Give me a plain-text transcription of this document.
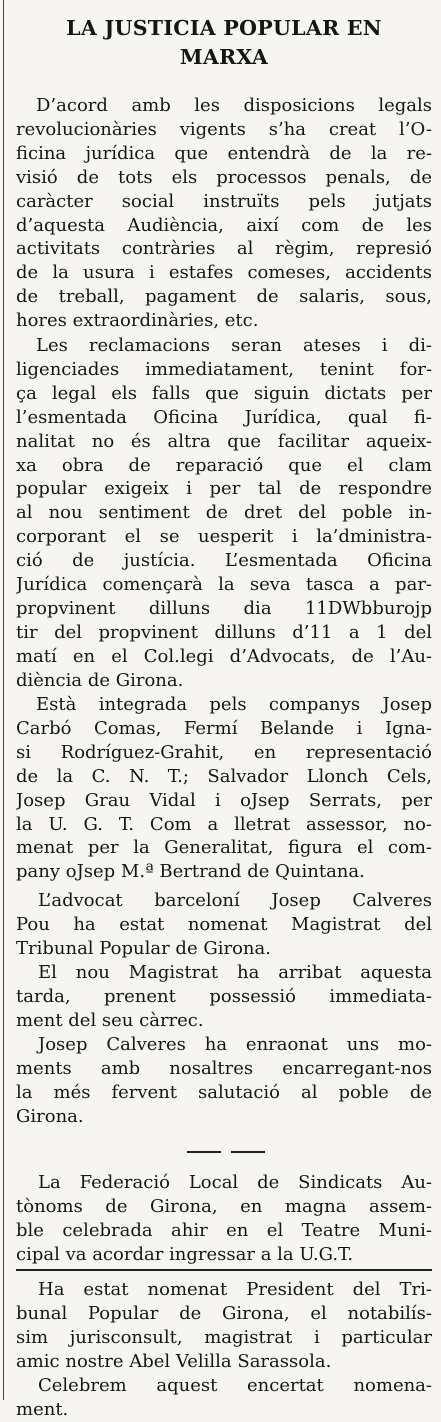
LA JUSTICIA POPULAR EN
MARXA
D’acord amb les disposicions legals
revolucionàries vigents s’ha creat l’O-
ficina jurídica que entendrà de la re-
visió de tots els processos penals, de
caràcter social instruïts pels jutjats
d’aquesta Audiència, així com de les
activitats contràries al règim, represió
de la usura i estafes comeses, accidents
de treball, pagament de salaris, sous,
hores extraordinàries, etc.
Les reclamacions seran ateses i di-
ligenciades immediatament, tenint for-
ça legal els falls que siguin dictats per
l’esmentada Oficina Jurídica, qual fi-
nalitat no és altra que facilitar aqueix-
xa obra de reparació que el clam
popular exigeix i per tal de respondre
al nou sentiment de dret del poble in-
corporant el se uesperit i la’dministra-
ció de justícia. L’esmentada Oficina
Jurídica començarà la seva tasca a par-
propvinent dilluns dia 11DWbburojp
tir del propvinent dilluns d’11 a 1 del
matí en el Col.legi d’Advocats, de l’Au-
diència de Girona.
Està integrada pels companys Josep
Carbó Comas, Fermí Belande i Igna-
si Rodríguez-Grahit, en representació
de la C. N. T.; Salvador Llonch Cels,
Josep Grau Vidal i oJsep Serrats, per
la U. G. T. Com a lletrat assessor, no-
menat per la Generalitat, figura el com-
pany oJsep M.ª Bertrand de Quintana.
L’advocat barceloní Josep Calveres
Pou ha estat nomenat Magistrat del
Tribunal Popular de Girona.
El nou Magistrat ha arribat aquesta
tarda, prenent possessió immediata-
ment del seu càrrec.
Josep Calveres ha enraonat uns mo-
ments amb nosaltres encarregant-nos
la més fervent salutació al poble de
Girona.
La Federació Local de Sindicats Au-
tònoms de Girona, en magna assem-
ble celebrada ahir en el Teatre Muni-
cipal va acordar ingressar a la U.G.T.
Ha estat nomenat President del Tri-
bunal Popular de Girona, el notabilís-
sim jurisconsult, magistrat i particular
amic nostre Abel Velilla Sarassola.
Celebrem aquest encertat nomena-
ment.
